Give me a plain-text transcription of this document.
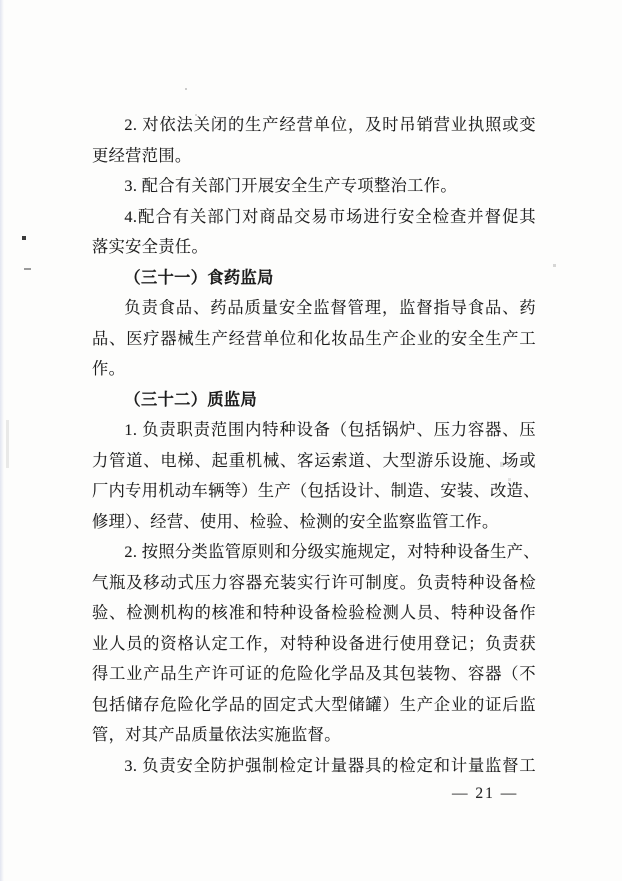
2. 对依法关闭的生产经营单位，及时吊销营业执照或变
更经营范围。
3. 配合有关部门开展安全生产专项整治工作。
4.配合有关部门对商品交易市场进行安全检查并督促其
落实安全责任。
（三十一）食药监局
负责食品、药品质量安全监督管理，监督指导食品、药
品、医疗器械生产经营单位和化妆品生产企业的安全生产工
作。
（三十二）质监局
1. 负责职责范围内特种设备（包括锅炉、压力容器、压
力管道、电梯、起重机械、客运索道、大型游乐设施、场或
厂内专用机动车辆等）生产（包括设计、制造、安装、改造、
修理）、经营、使用、检验、检测的安全监察监管工作。
2. 按照分类监管原则和分级实施规定，对特种设备生产、
气瓶及移动式压力容器充装实行许可制度。负责特种设备检
验、检测机构的核准和特种设备检验检测人员、特种设备作
业人员的资格认定工作，对特种设备进行使用登记；负责获
得工业产品生产许可证的危险化学品及其包装物、容器（不
包括储存危险化学品的固定式大型储罐）生产企业的证后监
管，对其产品质量依法实施监督。
3. 负责安全防护强制检定计量器具的检定和计量监督工
— 21 —
